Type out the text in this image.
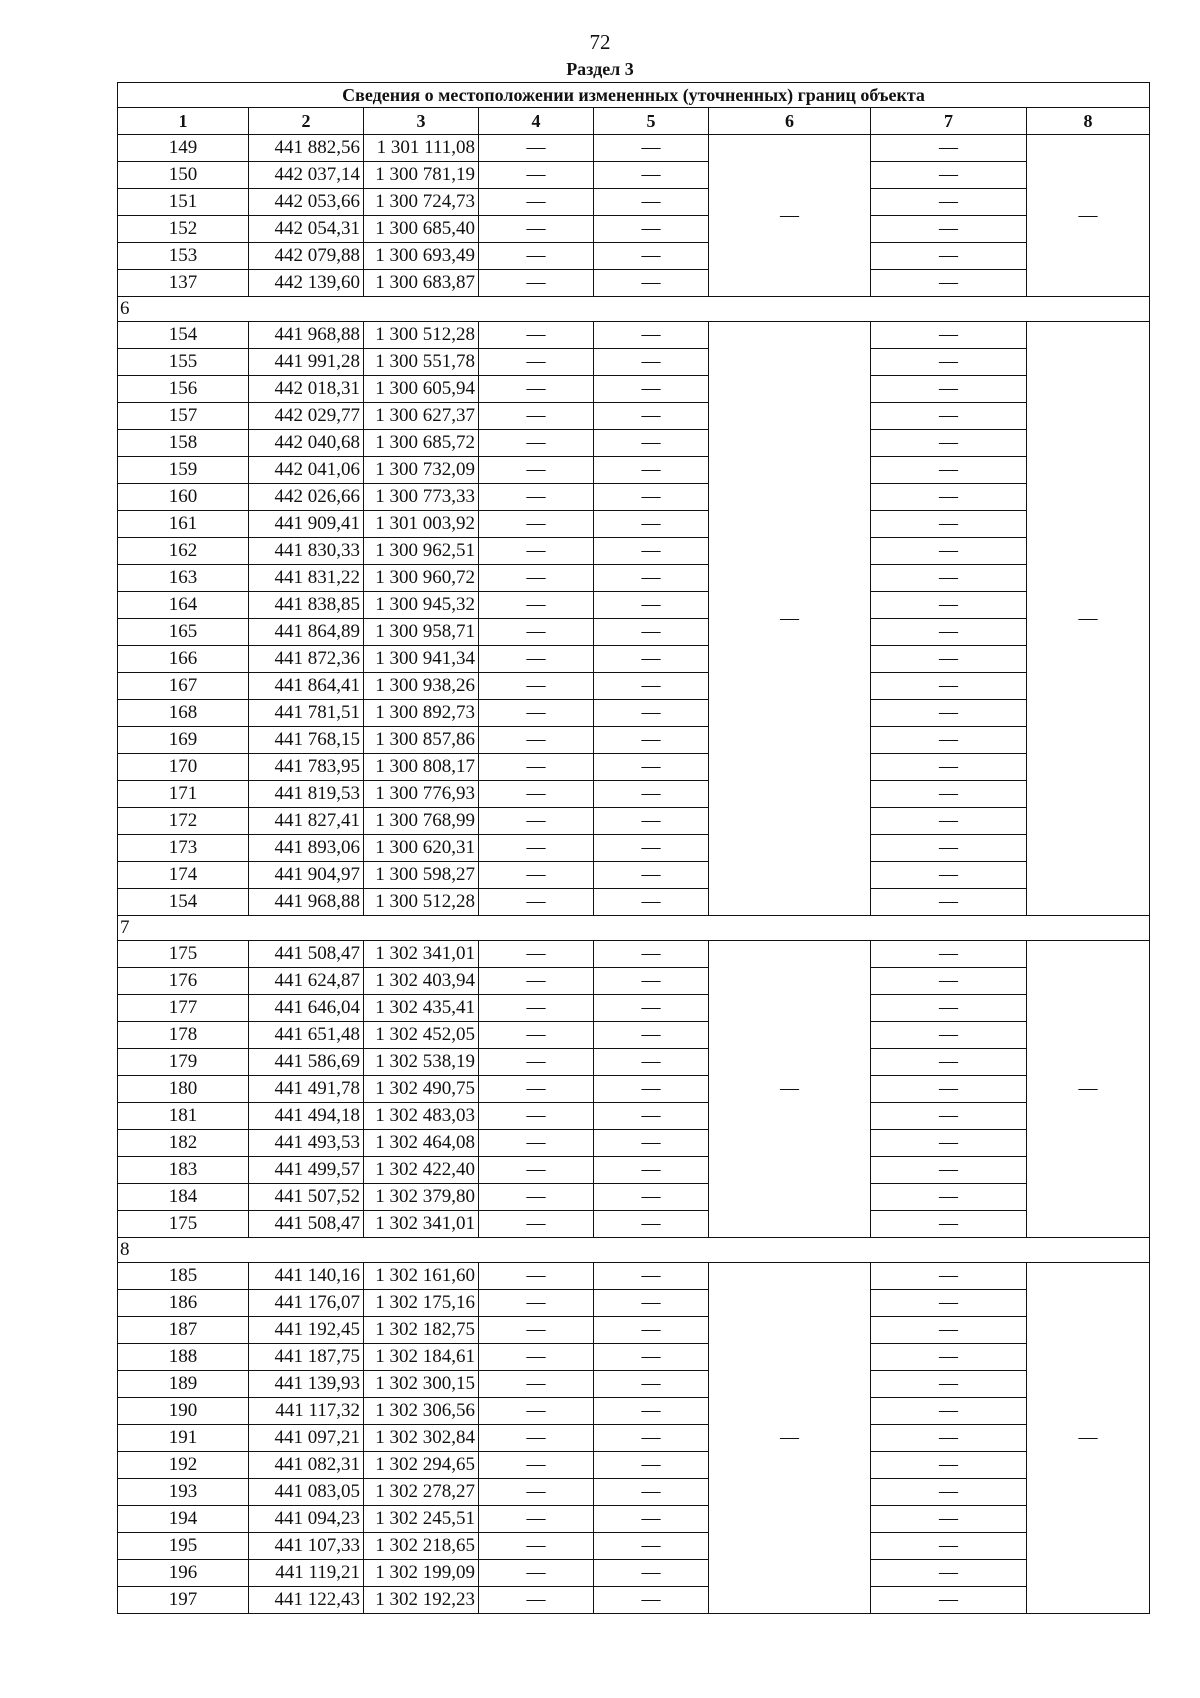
72
Раздел 3
Сведения о местоположении измененных (уточненных) границ объекта							
1	2	3	4	5	6	7	8
149	441 882,56	1 301 111,08	—	—	—	—	—
150	442 037,14	1 300 781,19	—	—		—	
151	442 053,66	1 300 724,73	—	—		—	
152	442 054,31	1 300 685,40	—	—		—	
153	442 079,88	1 300 693,49	—	—		—	
137	442 139,60	1 300 683,87	—	—		—	
6							
154	441 968,88	1 300 512,28	—	—	—	—	—
155	441 991,28	1 300 551,78	—	—		—	
156	442 018,31	1 300 605,94	—	—		—	
157	442 029,77	1 300 627,37	—	—		—	
158	442 040,68	1 300 685,72	—	—		—	
159	442 041,06	1 300 732,09	—	—		—	
160	442 026,66	1 300 773,33	—	—		—	
161	441 909,41	1 301 003,92	—	—		—	
162	441 830,33	1 300 962,51	—	—		—	
163	441 831,22	1 300 960,72	—	—		—	
164	441 838,85	1 300 945,32	—	—		—	
165	441 864,89	1 300 958,71	—	—		—	
166	441 872,36	1 300 941,34	—	—		—	
167	441 864,41	1 300 938,26	—	—		—	
168	441 781,51	1 300 892,73	—	—		—	
169	441 768,15	1 300 857,86	—	—		—	
170	441 783,95	1 300 808,17	—	—		—	
171	441 819,53	1 300 776,93	—	—		—	
172	441 827,41	1 300 768,99	—	—		—	
173	441 893,06	1 300 620,31	—	—		—	
174	441 904,97	1 300 598,27	—	—		—	
154	441 968,88	1 300 512,28	—	—		—	
7							
175	441 508,47	1 302 341,01	—	—	—	—	—
176	441 624,87	1 302 403,94	—	—		—	
177	441 646,04	1 302 435,41	—	—		—	
178	441 651,48	1 302 452,05	—	—		—	
179	441 586,69	1 302 538,19	—	—		—	
180	441 491,78	1 302 490,75	—	—		—	
181	441 494,18	1 302 483,03	—	—		—	
182	441 493,53	1 302 464,08	—	—		—	
183	441 499,57	1 302 422,40	—	—		—	
184	441 507,52	1 302 379,80	—	—		—	
175	441 508,47	1 302 341,01	—	—		—	
8							
185	441 140,16	1 302 161,60	—	—	—	—	—
186	441 176,07	1 302 175,16	—	—		—	
187	441 192,45	1 302 182,75	—	—		—	
188	441 187,75	1 302 184,61	—	—		—	
189	441 139,93	1 302 300,15	—	—		—	
190	441 117,32	1 302 306,56	—	—		—	
191	441 097,21	1 302 302,84	—	—		—	
192	441 082,31	1 302 294,65	—	—		—	
193	441 083,05	1 302 278,27	—	—		—	
194	441 094,23	1 302 245,51	—	—		—	
195	441 107,33	1 302 218,65	—	—		—	
196	441 119,21	1 302 199,09	—	—		—	
197	441 122,43	1 302 192,23	—	—		—	
